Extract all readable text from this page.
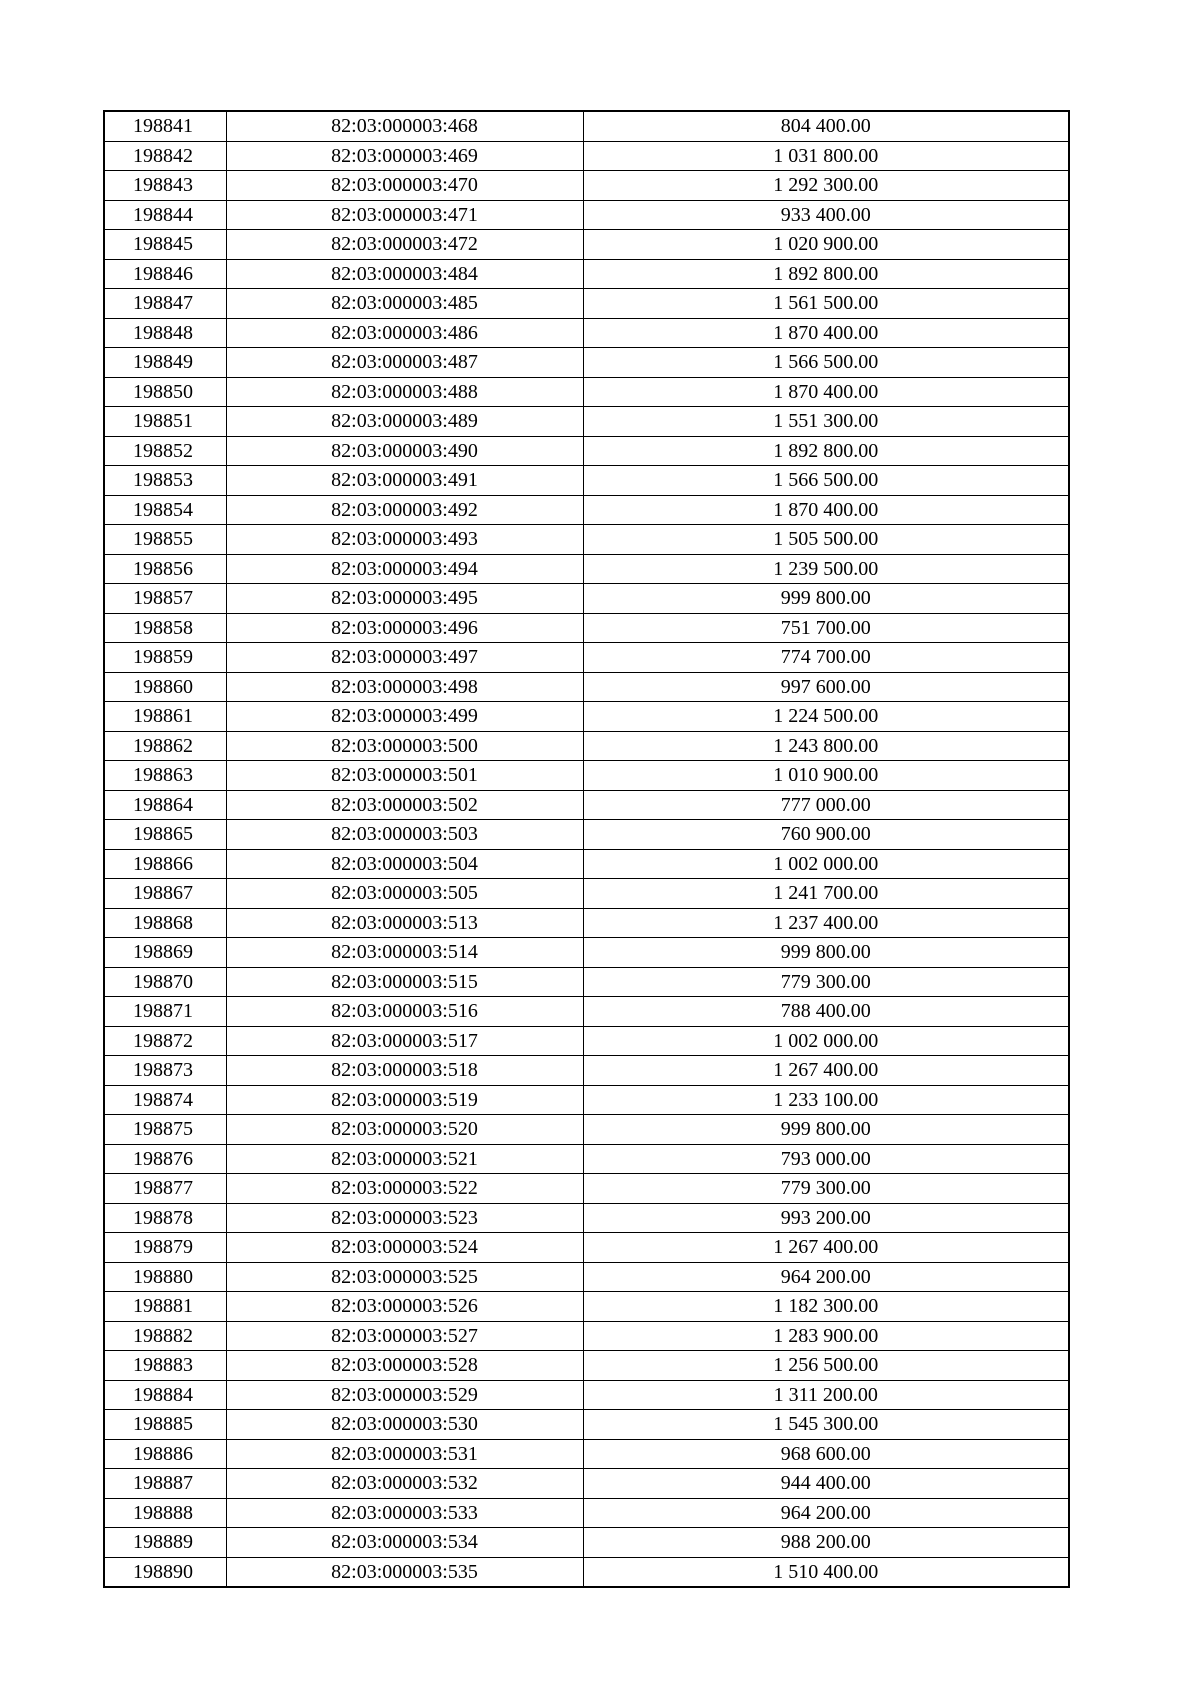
198841	82:03:000003:468	804 400.00
198842	82:03:000003:469	1 031 800.00
198843	82:03:000003:470	1 292 300.00
198844	82:03:000003:471	933 400.00
198845	82:03:000003:472	1 020 900.00
198846	82:03:000003:484	1 892 800.00
198847	82:03:000003:485	1 561 500.00
198848	82:03:000003:486	1 870 400.00
198849	82:03:000003:487	1 566 500.00
198850	82:03:000003:488	1 870 400.00
198851	82:03:000003:489	1 551 300.00
198852	82:03:000003:490	1 892 800.00
198853	82:03:000003:491	1 566 500.00
198854	82:03:000003:492	1 870 400.00
198855	82:03:000003:493	1 505 500.00
198856	82:03:000003:494	1 239 500.00
198857	82:03:000003:495	999 800.00
198858	82:03:000003:496	751 700.00
198859	82:03:000003:497	774 700.00
198860	82:03:000003:498	997 600.00
198861	82:03:000003:499	1 224 500.00
198862	82:03:000003:500	1 243 800.00
198863	82:03:000003:501	1 010 900.00
198864	82:03:000003:502	777 000.00
198865	82:03:000003:503	760 900.00
198866	82:03:000003:504	1 002 000.00
198867	82:03:000003:505	1 241 700.00
198868	82:03:000003:513	1 237 400.00
198869	82:03:000003:514	999 800.00
198870	82:03:000003:515	779 300.00
198871	82:03:000003:516	788 400.00
198872	82:03:000003:517	1 002 000.00
198873	82:03:000003:518	1 267 400.00
198874	82:03:000003:519	1 233 100.00
198875	82:03:000003:520	999 800.00
198876	82:03:000003:521	793 000.00
198877	82:03:000003:522	779 300.00
198878	82:03:000003:523	993 200.00
198879	82:03:000003:524	1 267 400.00
198880	82:03:000003:525	964 200.00
198881	82:03:000003:526	1 182 300.00
198882	82:03:000003:527	1 283 900.00
198883	82:03:000003:528	1 256 500.00
198884	82:03:000003:529	1 311 200.00
198885	82:03:000003:530	1 545 300.00
198886	82:03:000003:531	968 600.00
198887	82:03:000003:532	944 400.00
198888	82:03:000003:533	964 200.00
198889	82:03:000003:534	988 200.00
198890	82:03:000003:535	1 510 400.00
